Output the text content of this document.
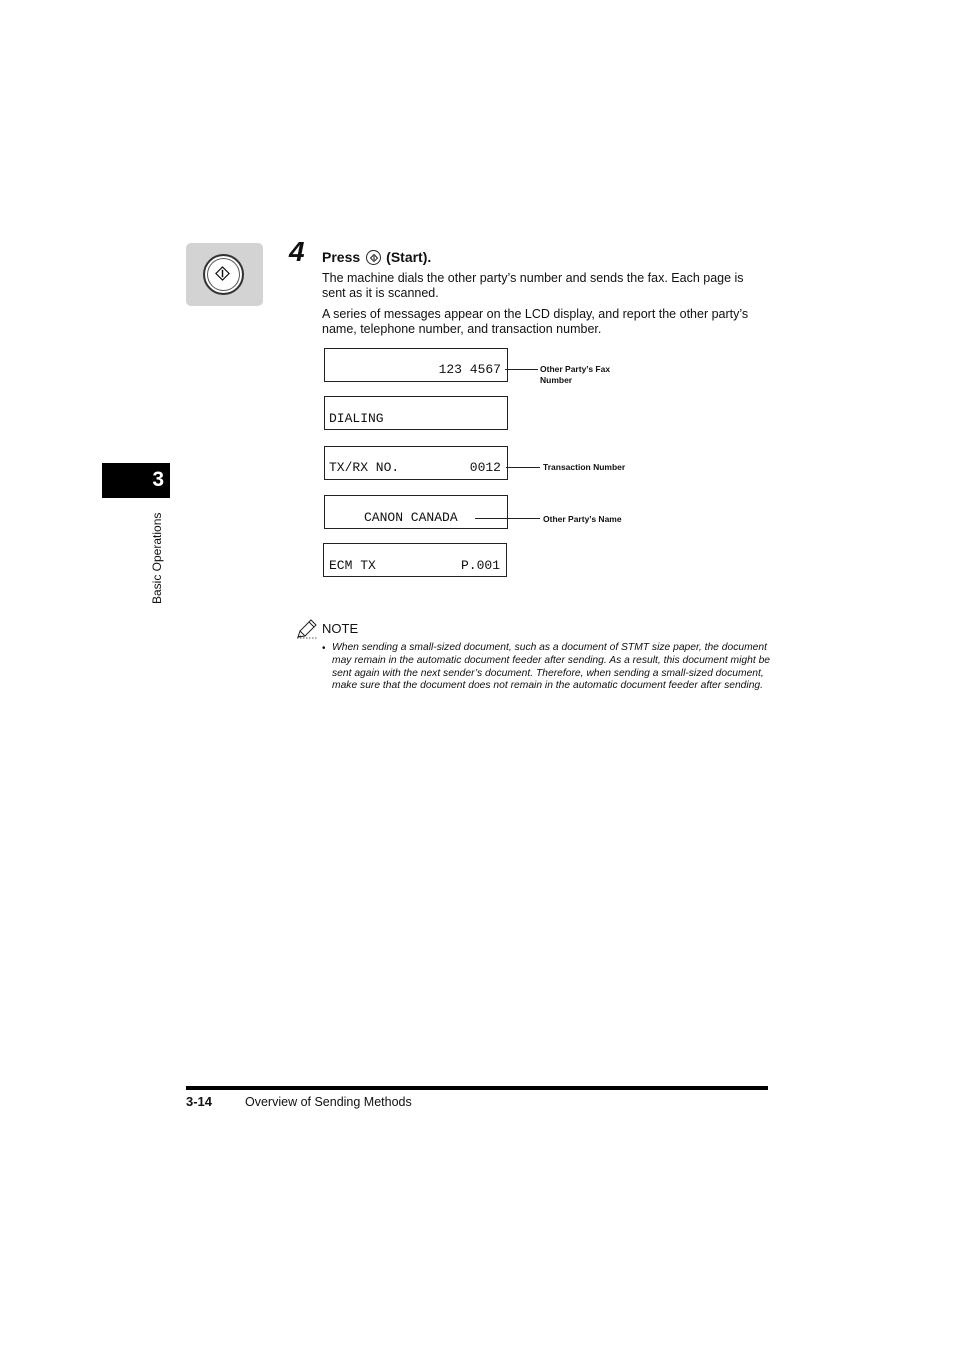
3
Basic Operations
4 Press (Start).
The machine dials the other party’s number and sends the fax. Each page is sent as it is scanned.
A series of messages appear on the LCD display, and report the other party’s name, telephone number, and transaction number.

123 4567

DIALING

TX/RX NO.

	0012

CANON CANADA

ECM TX

	P.001

Other Party’s Fax
Number
Transaction Number
Other Party’s Name
NOTE
• When sending a small-sized document, such as a document of STMT size paper, the document may remain in the automatic document feeder after sending. As a result, this document might be sent again with the next sender’s document. Therefore, when sending a small-sized document, make sure that the document does not remain in the automatic document feeder after sending.
3-14	Overview of Sending Methods
